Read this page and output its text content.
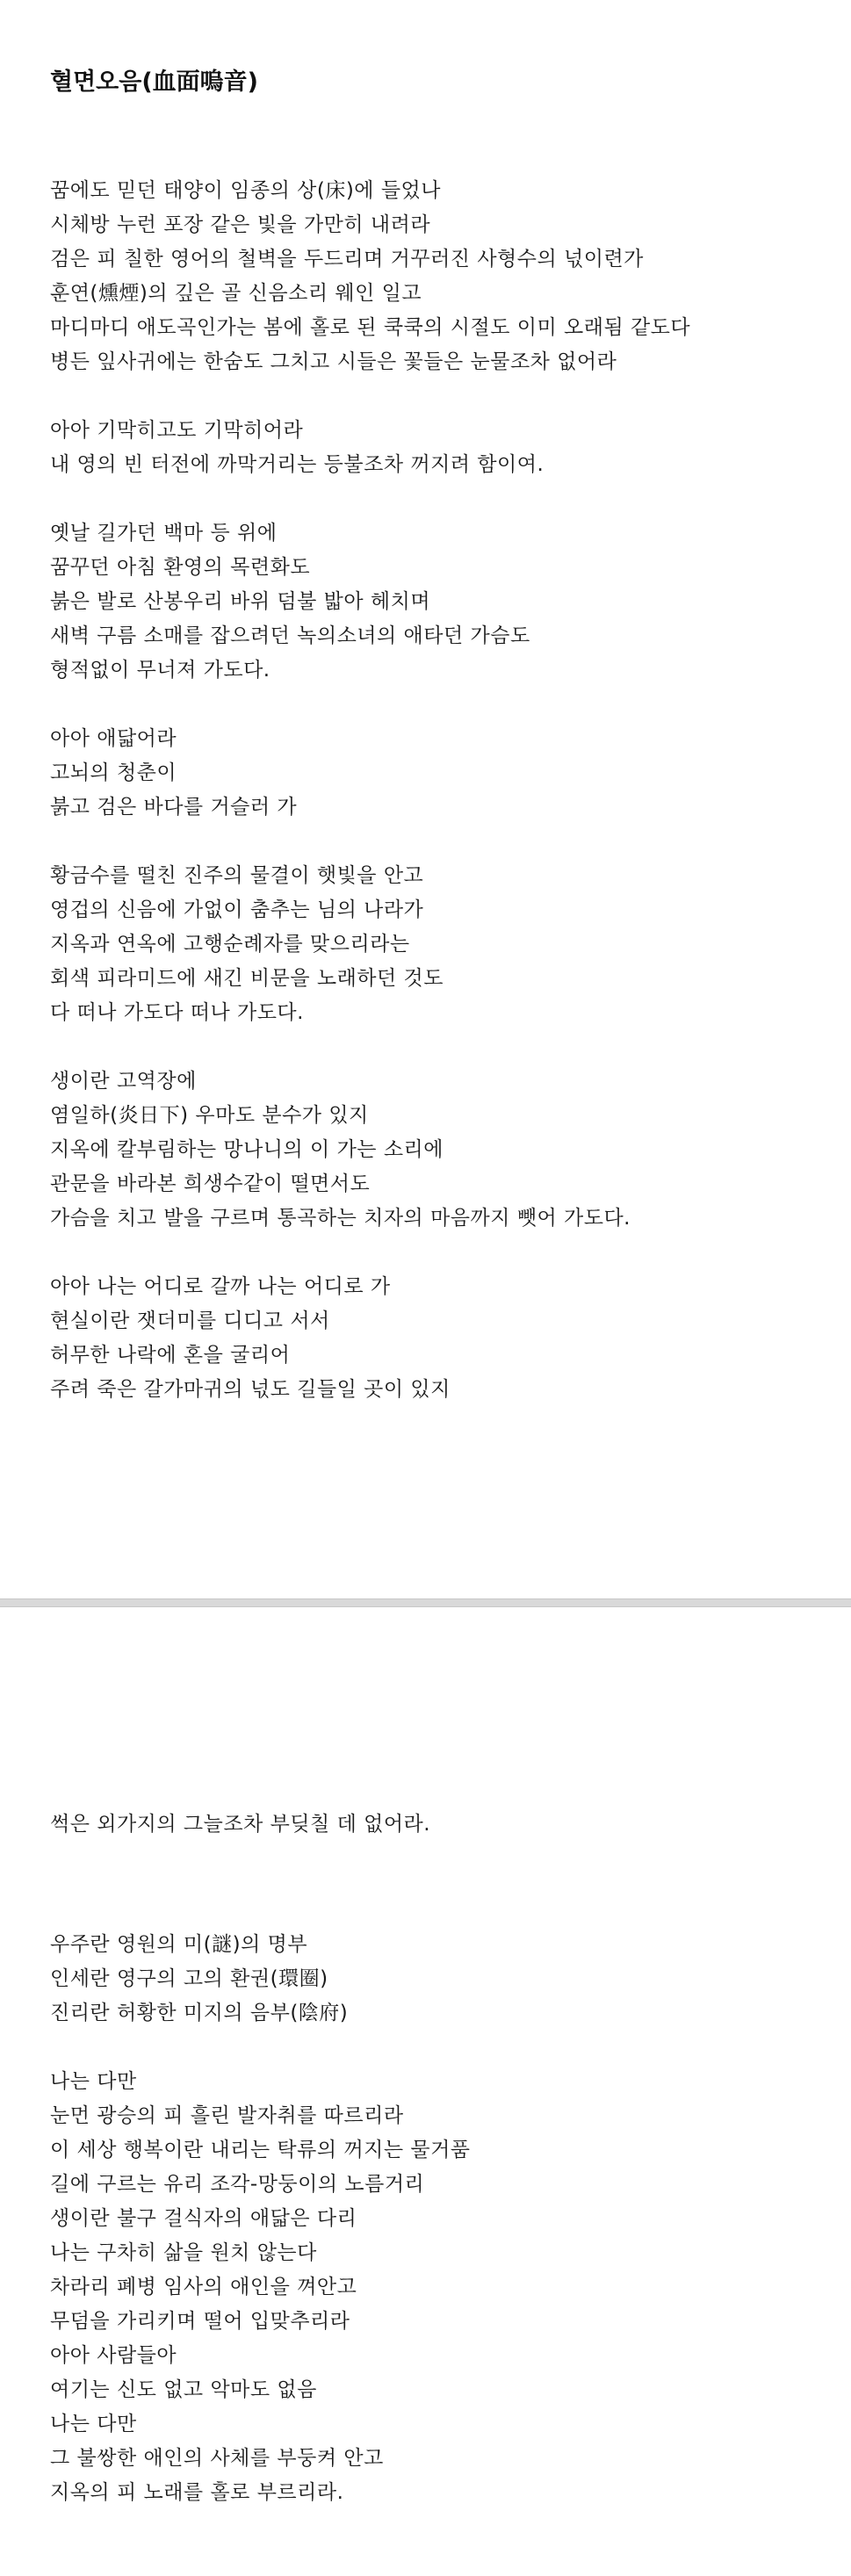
혈면오음(血面嗚音)
꿈에도 믿던 태양이 임종의 상(床)에 들었나
시체방 누런 포장 같은 빛을 가만히 내려라
검은 피 칠한 영어의 철벽을 두드리며 거꾸러진 사형수의 넋이련가
훈연(燻煙)의 깊은 골 신음소리 웨인 일고
마디마디 애도곡인가는 봄에 홀로 된 쿡쿡의 시절도 이미 오래됨 같도다
병든 잎사귀에는 한숨도 그치고 시들은 꽃들은 눈물조차 없어라
아아 기막히고도 기막히어라
내 영의 빈 터전에 까막거리는 등불조차 꺼지려 함이여.
옛날 길가던 백마 등 위에
꿈꾸던 아침 환영의 목련화도
붉은 발로 산봉우리 바위 덤불 밟아 헤치며
새벽 구름 소매를 잡으려던 녹의소녀의 애타던 가슴도
형적없이 무너져 가도다.
아아 애닯어라
고뇌의 청춘이
붉고 검은 바다를 거슬러 가
황금수를 떨친 진주의 물결이 햇빛을 안고
영겁의 신음에 가없이 춤추는 님의 나라가
지옥과 연옥에 고행순례자를 맞으리라는
회색 피라미드에 새긴 비문을 노래하던 것도
다 떠나 가도다 떠나 가도다.
생이란 고역장에
염일하(炎日下) 우마도 분수가 있지
지옥에 칼부림하는 망나니의 이 가는 소리에
관문을 바라본 희생수같이 떨면서도
가슴을 치고 발을 구르며 통곡하는 치자의 마음까지 뺏어 가도다.
아아 나는 어디로 갈까 나는 어디로 가
현실이란 잿더미를 디디고 서서
허무한 나락에 혼을 굴리어
주려 죽은 갈가마귀의 넋도 길들일 곳이 있지
썩은 외가지의 그늘조차 부딪칠 데 없어라.
우주란 영원의 미(謎)의 명부
인세란 영구의 고의 환권(環圈)
진리란 허황한 미지의 음부(陰府)
나는 다만
눈먼 광승의 피 흘린 발자취를 따르리라
이 세상 행복이란 내리는 탁류의 꺼지는 물거품
길에 구르는 유리 조각-망둥이의 노름거리
생이란 불구 걸식자의 애닯은 다리
나는 구차히 삶을 원치 않는다
차라리 폐병 임사의 애인을 껴안고
무덤을 가리키며 떨어 입맞추리라
아아 사람들아
여기는 신도 없고 악마도 없음
나는 다만
그 불쌍한 애인의 사체를 부둥켜 안고
지옥의 피 노래를 홀로 부르리라.
